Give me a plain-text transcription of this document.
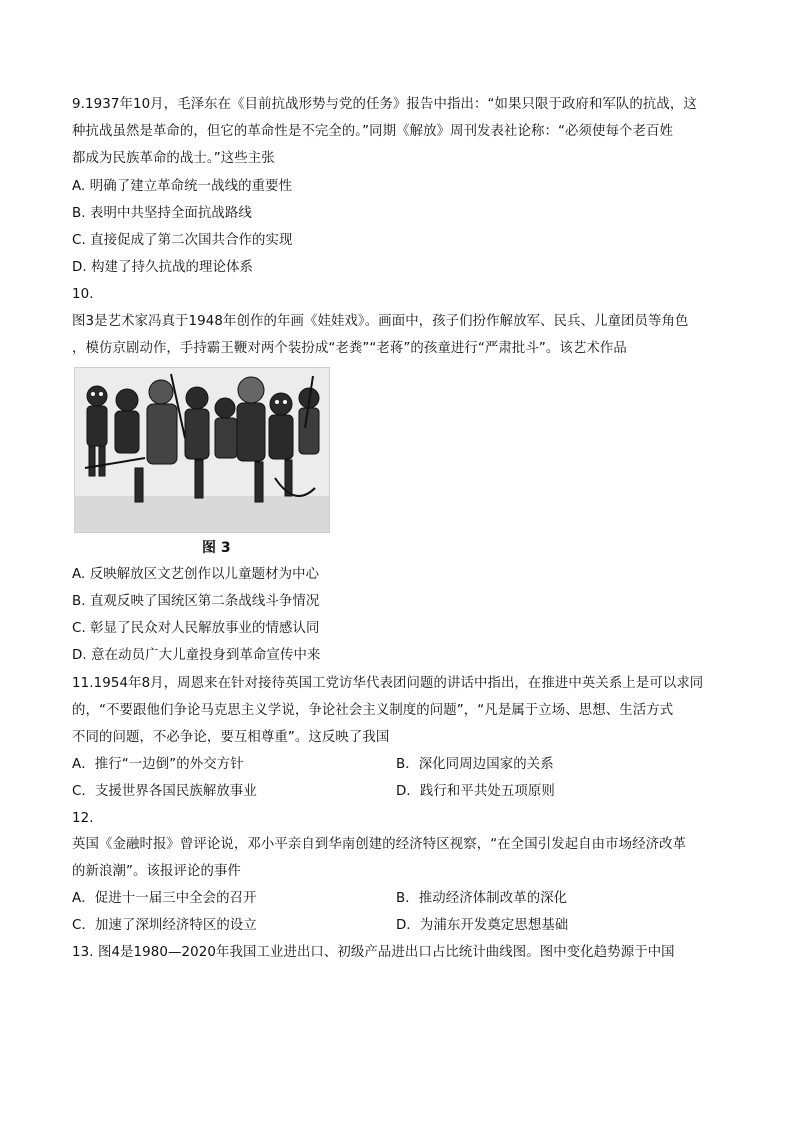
9.1937年10月，毛泽东在《目前抗战形势与党的任务》报告中指出：“如果只限于政府和军队的抗战，这
种抗战虽然是革命的，但它的革命性是不完全的。”同期《解放》周刊发表社论称：“必须使每个老百姓
都成为民族革命的战士。”这些主张
A. 明确了建立革命统一战线的重要性
B. 表明中共坚持全面抗战路线
C. 直接促成了第二次国共合作的实现
D. 构建了持久抗战的理论体系
10.
图3是艺术家冯真于1948年创作的年画《娃娃戏》。画面中，孩子们扮作解放军、民兵、儿童团员等角色
，模仿京剧动作，手持霸王鞭对两个装扮成“老粪”“老蒋”的孩童进行“严肃批斗”。该艺术作品
图 3
A. 反映解放区文艺创作以儿童题材为中心
B. 直观反映了国统区第二条战线斗争情况
C. 彰显了民众对人民解放事业的情感认同
D. 意在动员广大儿童投身到革命宣传中来
11.1954年8月，周恩来在针对接待英国工党访华代表团问题的讲话中指出，在推进中英关系上是可以求同
的，“不要跟他们争论马克思主义学说，争论社会主义制度的问题”，“凡是属于立场、思想、生活方式
不同的问题，不必争论，要互相尊重”。这反映了我国
A．推行“一边倒”的外交方针	B．深化同周边国家的关系
C．支援世界各国民族解放事业	D．践行和平共处五项原则
12.
英国《金融时报》曾评论说，邓小平亲自到华南创建的经济特区视察，“在全国引发起自由市场经济改革
的新浪潮”。该报评论的事件
A．促进十一届三中全会的召开	B．推动经济体制改革的深化
C．加速了深圳经济特区的设立	D．为浦东开发奠定思想基础
13. 图4是1980—2020年我国工业进出口、初级产品进出口占比统计曲线图。图中变化趋势源于中国
